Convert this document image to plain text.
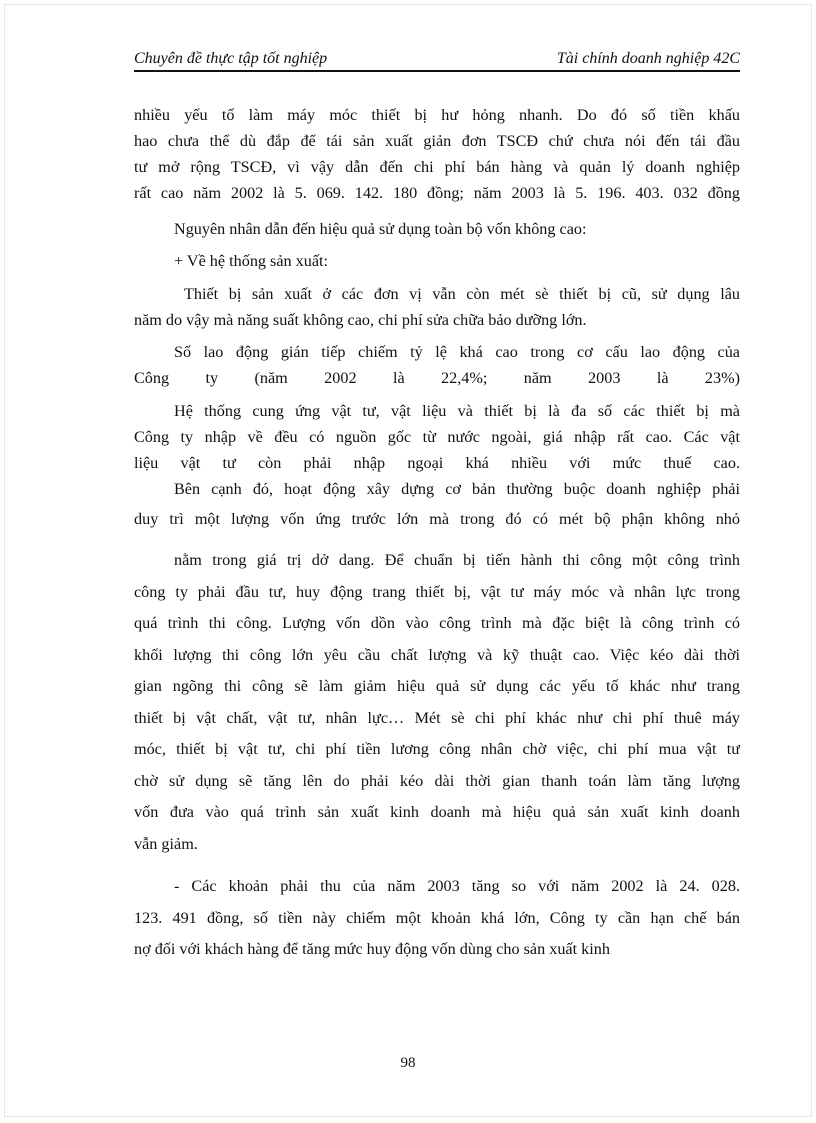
Chuyên đề thực tập tốt nghiệp	Tài chính doanh nghiệp 42C
nhiều yếu tố làm máy móc thiết bị hư hỏng nhanh. Do đó số tiền khấu
hao chưa thể dù đắp để tái sản xuất giản đơn TSCĐ chứ chưa nói đến tái đầu
tư mở rộng TSCĐ, vì vậy dẫn đến chi phí bán hàng và quản lý doanh nghiệp
rất cao năm 2002 là 5. 069. 142. 180 đồng; năm 2003 là 5. 196. 403. 032 đồng
Nguyên nhân dẫn đến hiệu quả sử dụng toàn bộ vốn không cao:
+ Về hệ thống sản xuất:
Thiết bị sản xuất ở các đơn vị vẫn còn mét sè thiết bị cũ, sử dụng lâu
năm do vậy mà năng suất không cao, chi phí sửa chữa bảo dưỡng lớn.
Số lao động gián tiếp chiếm tỷ lệ khá cao trong cơ cấu lao động của
Công ty (năm 2002 là 22,4%; năm 2003 là 23%)
Hệ thống cung ứng vật tư, vật liệu và thiết bị là đa số các thiết bị mà
Công ty nhập về đều có nguồn gốc từ nước ngoài, giá nhập rất cao. Các vật
liệu vật tư còn phải nhập ngoại khá nhiều với mức thuế cao.
Bên cạnh đó, hoạt động xây dựng cơ bản thường buộc doanh nghiệp phải
duy trì một lượng vốn ứng trước lớn mà trong đó có mét bộ phận không nhỏ
nằm trong giá trị dở dang. Để chuẩn bị tiến hành thi công một công trình
công ty phải đầu tư, huy động trang thiết bị, vật tư máy móc và nhân lực trong
quá trình thi công. Lượng vốn dồn vào công trình mà đặc biệt là công trình có
khối lượng thi công lớn yêu cầu chất lượng và kỹ thuật cao. Việc kéo dài thời
gian ngõng thi công sẽ làm giảm hiệu quả sử dụng các yếu tố khác như trang
thiết bị vật chất, vật tư, nhân lực… Mét sè chi phí khác như chi phí thuê máy
móc, thiết bị vật tư, chi phí tiền lương công nhân chờ việc, chi phí mua vật tư
chờ sử dụng sẽ tăng lên do phải kéo dài thời gian thanh toán làm tăng lượng
vốn đưa vào quá trình sản xuất kinh doanh mà hiệu quả sản xuất kinh doanh
vẫn giảm.
- Các khoản phải thu của năm 2003 tăng so với năm 2002 là 24. 028.
123. 491 đồng, số tiền này chiếm một khoản khá lớn, Công ty cần hạn chế bán
nợ đối với khách hàng để tăng mức huy động vốn dùng cho sản xuất kinh
98
